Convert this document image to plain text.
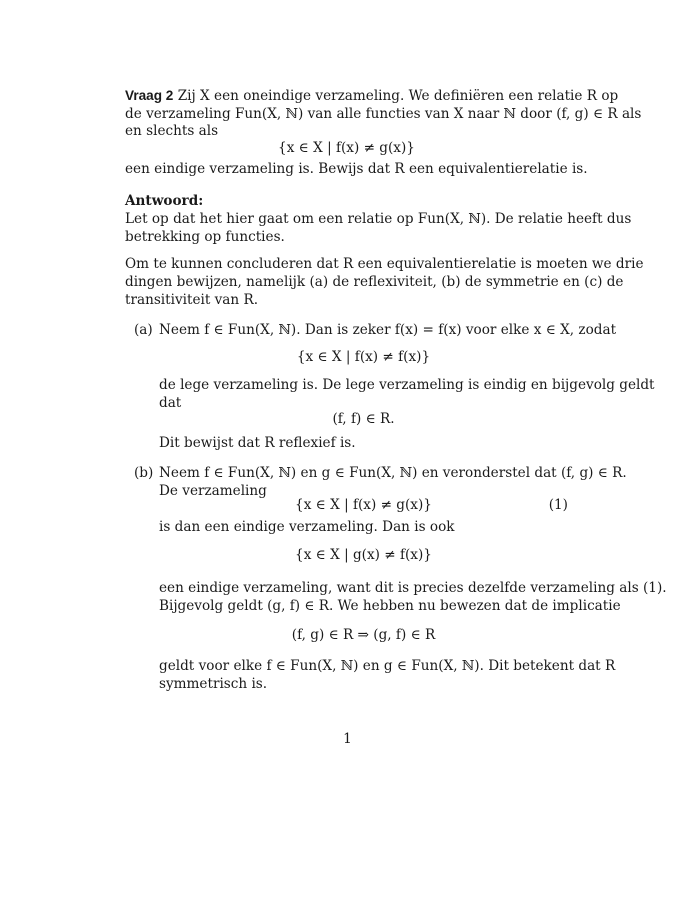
Vraag 2 Zij X een oneindige verzameling. We definiëren een relatie R op
de verzameling Fun(X, ℕ) van alle functies van X naar ℕ door (f, g) ∈ R als
en slechts als
{x ∈ X | f(x) ≠ g(x)}
een eindige verzameling is. Bewijs dat R een equivalentierelatie is.
Antwoord:
Let op dat het hier gaat om een relatie op Fun(X, ℕ). De relatie heeft dus
betrekking op functies.
Om te kunnen concluderen dat R een equivalentierelatie is moeten we drie
dingen bewijzen, namelijk (a) de reflexiviteit, (b) de symmetrie en (c) de
transitiviteit van R.
(a) Neem f ∈ Fun(X, ℕ). Dan is zeker f(x) = f(x) voor elke x ∈ X, zodat
{x ∈ X | f(x) ≠ f(x)}
de lege verzameling is. De lege verzameling is eindig en bijgevolg geldt
dat
(f, f) ∈ R.
Dit bewijst dat R reflexief is.
(b) Neem f ∈ Fun(X, ℕ) en g ∈ Fun(X, ℕ) en veronderstel dat (f, g) ∈ R.
De verzameling
{x ∈ X | f(x) ≠ g(x)}	(1)
is dan een eindige verzameling. Dan is ook
{x ∈ X | g(x) ≠ f(x)}
een eindige verzameling, want dit is precies dezelfde verzameling als (1).
Bijgevolg geldt (g, f) ∈ R. We hebben nu bewezen dat de implicatie
(f, g) ∈ R ⇒ (g, f) ∈ R
geldt voor elke f ∈ Fun(X, ℕ) en g ∈ Fun(X, ℕ). Dit betekent dat R
symmetrisch is.
1
